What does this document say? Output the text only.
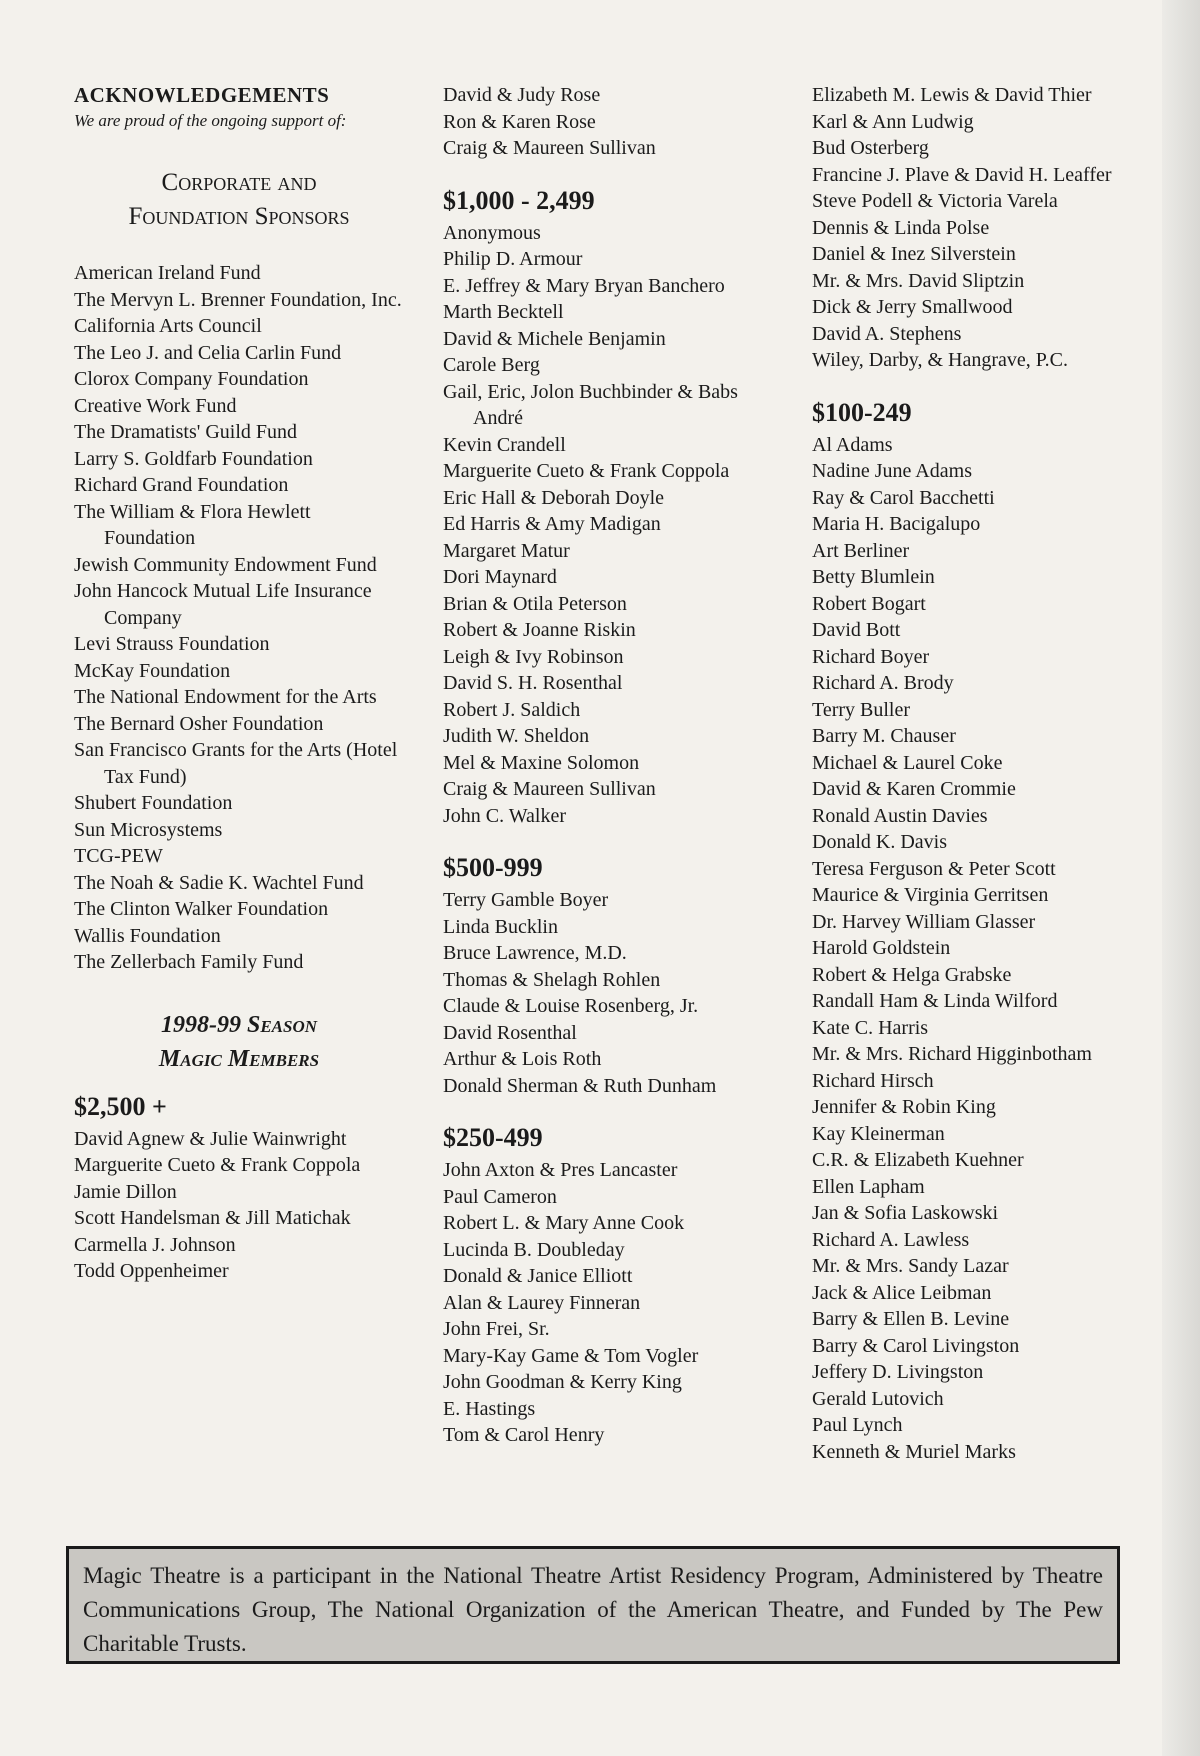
ACKNOWLEDGEMENTS
We are proud of the ongoing support of:
Corporate and
Foundation Sponsors
American Ireland Fund
The Mervyn L. Brenner Foundation, Inc.
California Arts Council
The Leo J. and Celia Carlin Fund
Clorox Company Foundation
Creative Work Fund
The Dramatists' Guild Fund
Larry S. Goldfarb Foundation
Richard Grand Foundation
The William & Flora Hewlett Foundation
Jewish Community Endowment Fund
John Hancock Mutual Life Insurance Company
Levi Strauss Foundation
McKay Foundation
The National Endowment for the Arts
The Bernard Osher Foundation
San Francisco Grants for the Arts (Hotel Tax Fund)
Shubert Foundation
Sun Microsystems
TCG-PEW
The Noah & Sadie K. Wachtel Fund
The Clinton Walker Foundation
Wallis Foundation
The Zellerbach Family Fund
1998-99 Season
Magic Members
$2,500 +
David Agnew & Julie Wainwright
Marguerite Cueto & Frank Coppola
Jamie Dillon
Scott Handelsman & Jill Matichak
Carmella J. Johnson
Todd Oppenheimer
David & Judy Rose
Ron & Karen Rose
Craig & Maureen Sullivan
$1,000 - 2,499
Anonymous
Philip D. Armour
E. Jeffrey & Mary Bryan Banchero
Marth Becktell
David & Michele Benjamin
Carole Berg
Gail, Eric, Jolon Buchbinder & Babs André
Kevin Crandell
Marguerite Cueto & Frank Coppola
Eric Hall & Deborah Doyle
Ed Harris & Amy Madigan
Margaret Matur
Dori Maynard
Brian & Otila Peterson
Robert & Joanne Riskin
Leigh & Ivy Robinson
David S. H. Rosenthal
Robert J. Saldich
Judith W. Sheldon
Mel & Maxine Solomon
Craig & Maureen Sullivan
John C. Walker
$500-999
Terry Gamble Boyer
Linda Bucklin
Bruce Lawrence, M.D.
Thomas & Shelagh Rohlen
Claude & Louise Rosenberg, Jr.
David Rosenthal
Arthur & Lois Roth
Donald Sherman & Ruth Dunham
$250-499
John Axton & Pres Lancaster
Paul Cameron
Robert L. & Mary Anne Cook
Lucinda B. Doubleday
Donald & Janice Elliott
Alan & Laurey Finneran
John Frei, Sr.
Mary-Kay Game & Tom Vogler
John Goodman & Kerry King
E. Hastings
Tom & Carol Henry
Elizabeth M. Lewis & David Thier
Karl & Ann Ludwig
Bud Osterberg
Francine J. Plave & David H. Leaffer
Steve Podell & Victoria Varela
Dennis & Linda Polse
Daniel & Inez Silverstein
Mr. & Mrs. David Sliptzin
Dick & Jerry Smallwood
David A. Stephens
Wiley, Darby, & Hangrave, P.C.
$100-249
Al Adams
Nadine June Adams
Ray & Carol Bacchetti
Maria H. Bacigalupo
Art Berliner
Betty Blumlein
Robert Bogart
David Bott
Richard Boyer
Richard A. Brody
Terry Buller
Barry M. Chauser
Michael & Laurel Coke
David & Karen Crommie
Ronald Austin Davies
Donald K. Davis
Teresa Ferguson & Peter Scott
Maurice & Virginia Gerritsen
Dr. Harvey William Glasser
Harold Goldstein
Robert & Helga Grabske
Randall Ham & Linda Wilford
Kate C. Harris
Mr. & Mrs. Richard Higginbotham
Richard Hirsch
Jennifer & Robin King
Kay Kleinerman
C.R. & Elizabeth Kuehner
Ellen Lapham
Jan & Sofia Laskowski
Richard A. Lawless
Mr. & Mrs. Sandy Lazar
Jack & Alice Leibman
Barry & Ellen B. Levine
Barry & Carol Livingston
Jeffery D. Livingston
Gerald Lutovich
Paul Lynch
Kenneth & Muriel Marks

Magic Theatre is a participant in the National Theatre Artist Residency Program, Administered by Theatre Communications Group, The National Organization of the American Theatre, and Funded by The Pew Charitable Trusts.
